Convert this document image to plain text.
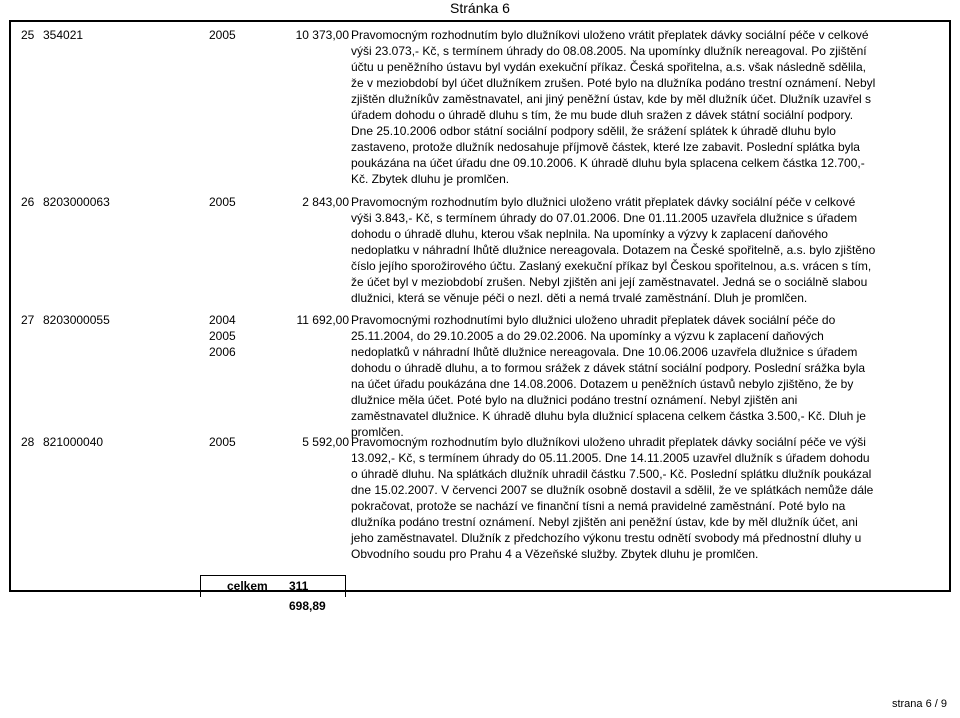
Stránka 6
25 354021	2005	10 373,00 Pravomocným rozhodnutím bylo dlužníkovi uloženo vrátit přeplatek dávky sociální péče v celkové
výši 23.073,- Kč, s termínem úhrady do 08.08.2005. Na upomínky dlužník nereagoval. Po zjištění
účtu u peněžního ústavu byl vydán exekuční příkaz. Česká spořitelna, a.s. však následně sdělila,
že v meziobdobí byl účet dlužníkem zrušen. Poté bylo na dlužníka podáno trestní oznámení. Nebyl
zjištěn dlužníkův zaměstnavatel, ani jiný peněžní ústav, kde by měl dlužník účet. Dlužník uzavřel s
úřadem dohodu o úhradě dluhu s tím, že mu bude dluh sražen z dávek státní sociální podpory.
Dne 25.10.2006 odbor státní sociální podpory sdělil, že srážení splátek k úhradě dluhu bylo
zastaveno, protože dlužník nedosahuje příjmově částek, které lze zabavit. Poslední splátka byla
poukázána na účet úřadu dne 09.10.2006. K úhradě dluhu byla splacena celkem částka 12.700,-
Kč. Zbytek dluhu je promlčen.
26 8203000063	2005	2 843,00 Pravomocným rozhodnutím bylo dlužnici uloženo vrátit přeplatek dávky sociální péče v celkové
výši 3.843,- Kč, s termínem úhrady do 07.01.2006. Dne 01.11.2005 uzavřela dlužnice s úřadem
dohodu o úhradě dluhu, kterou však neplnila. Na upomínky a výzvy k zaplacení daňového
nedoplatku v náhradní lhůtě dlužnice nereagovala. Dotazem na České spořitelně, a.s. bylo zjištěno
číslo jejího sporožirového účtu. Zaslaný exekuční příkaz byl Českou spořitelnou, a.s. vrácen s tím,
že účet byl v meziobdobí zrušen. Nebyl zjištěn ani její zaměstnavatel. Jedná se o sociálně slabou
dlužnici, která se věnuje péči o nezl. děti a nemá trvalé zaměstnání. Dluh je promlčen.
27 8203000055	2004
2005
2006
11 692,00 Pravomocnými rozhodnutími bylo dlužnici uloženo uhradit přeplatek dávek sociální péče do
25.11.2004, do 29.10.2005 a do 29.02.2006. Na upomínky a výzvu k zaplacení daňových
nedoplatků v náhradní lhůtě dlužnice nereagovala. Dne 10.06.2006 uzavřela dlužnice s úřadem
dohodu o úhradě dluhu, a to formou srážek z dávek státní sociální podpory. Poslední srážka byla
na účet úřadu poukázána dne 14.08.2006. Dotazem u peněžních ústavů nebylo zjištěno, že by
dlužnice měla účet. Poté bylo na dlužnici podáno trestní oznámení. Nebyl zjištěn ani
zaměstnavatel dlužnice. K úhradě dluhu byla dlužnicí splacena celkem částka 3.500,- Kč. Dluh je
promlčen.
28 821000040	2005	5 592,00 Pravomocným rozhodnutím bylo dlužníkovi uloženo uhradit přeplatek dávky sociální péče ve výši
13.092,- Kč, s termínem úhrady do 05.11.2005. Dne 14.11.2005 uzavřel dlužník s úřadem dohodu
o úhradě dluhu. Na splátkách dlužník uhradil částku 7.500,- Kč. Poslední splátku dlužník poukázal
dne 15.02.2007. V červenci 2007 se dlužník osobně dostavil a sdělil, že ve splátkách nemůže dále
pokračovat, protože se nachází ve finanční tísni a nemá pravidelné zaměstnání. Poté bylo na
dlužníka podáno trestní oznámení. Nebyl zjištěn ani peněžní ústav, kde by měl dlužník účet, ani
jeho zaměstnavatel. Dlužník z předchozího výkonu trestu odnětí svobody má přednostní dluhy u
Obvodního soudu pro Prahu 4 a Vězeňské služby. Zbytek dluhu je promlčen.
celkem 311 698,89
strana 6 / 9
